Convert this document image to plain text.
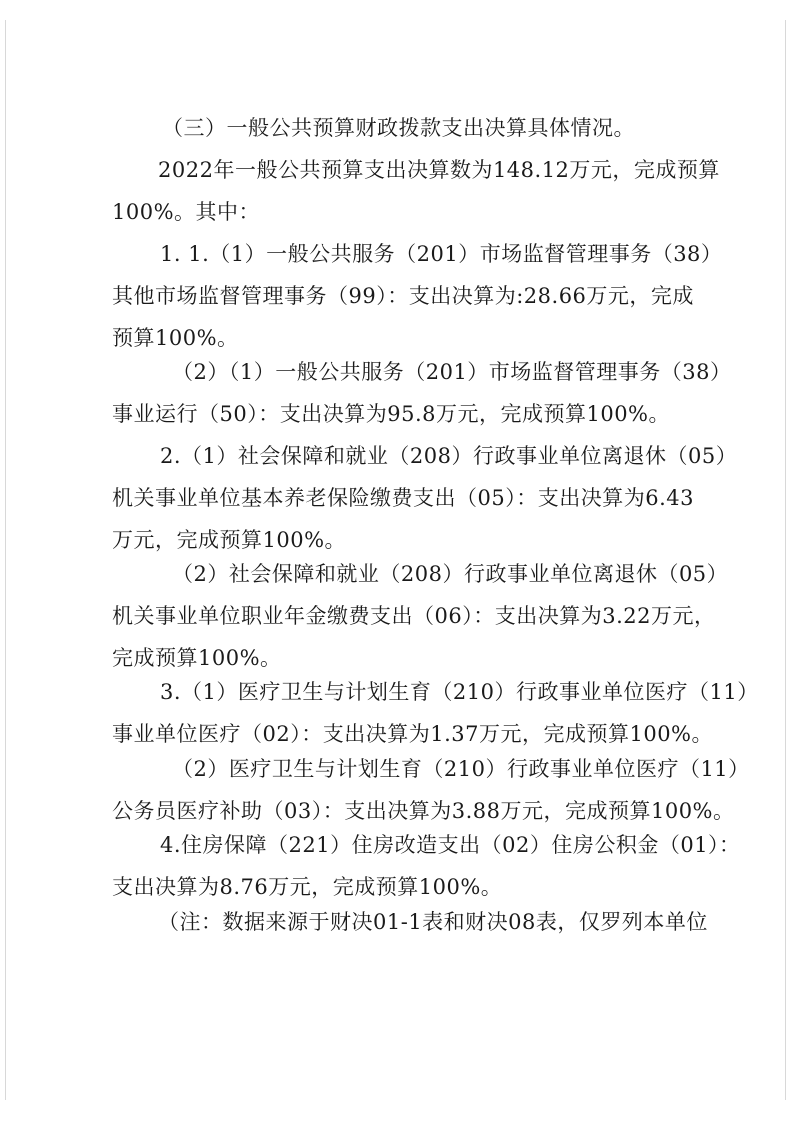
（三）一般公共预算财政拨款支出决算具体情况。
2022年一般公共预算支出决算数为148.12万元，完成预算
100%。其中：
1. 1.（1）一般公共服务（201）市场监督管理事务（38）
其他市场监督管理事务（99）：支出决算为:28.66万元，完成
预算100%。
（2）（1）一般公共服务（201）市场监督管理事务（38）
事业运行（50）：支出决算为95.8万元，完成预算100%。
2.（1）社会保障和就业（208）行政事业单位离退休（05）
机关事业单位基本养老保险缴费支出（05）：支出决算为6.43
万元，完成预算100%。
（2）社会保障和就业（208）行政事业单位离退休（05）
机关事业单位职业年金缴费支出（06）：支出决算为3.22万元，
完成预算100%。
3.（1）医疗卫生与计划生育（210）行政事业单位医疗（11）
事业单位医疗（02）：支出决算为1.37万元，完成预算100%。
（2）医疗卫生与计划生育（210）行政事业单位医疗（11）
公务员医疗补助（03）：支出决算为3.88万元，完成预算100%。
4.住房保障（221）住房改造支出（02）住房公积金（01）：
支出决算为8.76万元，完成预算100%。
（注：数据来源于财决01-1表和财决08表，仅罗列本单位
